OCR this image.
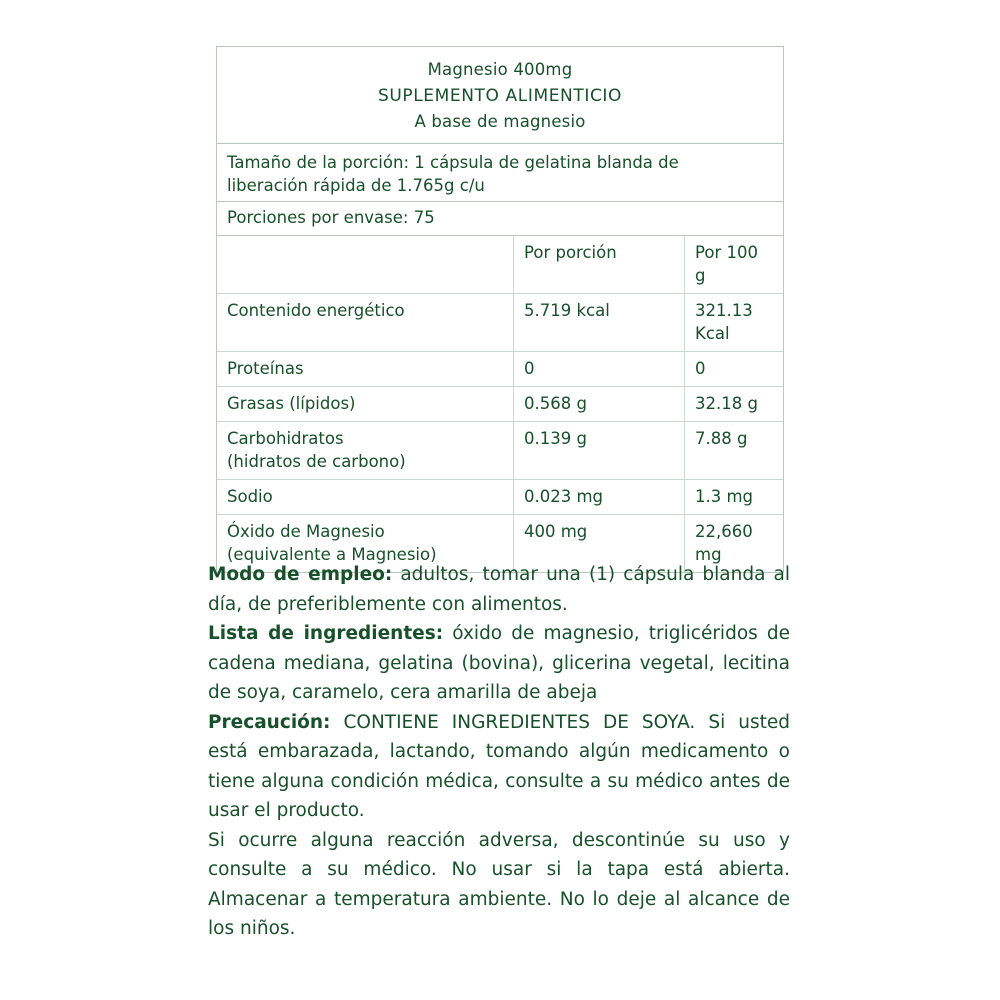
Magnesio 400mg
SUPLEMENTO ALIMENTICIO
A base de magnesio
Tamaño de la porción: 1 cápsula de gelatina blanda de
liberación rápida de 1.765g c/u
Porciones por envase: 75
	Por porción	Por 100 g

Contenido energético	5.719 kcal	321.13 Kcal

Proteínas	0	0

Grasas (lípidos)	0.568 g	32.18 g

Carbohidratos
(hidratos de carbono)	0.139 g	7.88 g

Sodio	0.023 mg	1.3 mg

Óxido de Magnesio
(equivalente a Magnesio)	400 mg	22,660 mg

Modo de empleo: adultos, tomar una (1) cápsula blanda al día, de preferiblemente con alimentos.

Lista de ingredientes: óxido de magnesio, triglicéridos de cadena mediana, gelatina (bovina), glicerina vegetal, lecitina de soya, caramelo, cera amarilla de abeja

Precaución: CONTIENE INGREDIENTES DE SOYA. Si usted está embarazada, lactando, tomando algún medicamento o tiene alguna condición médica, consulte a su médico antes de usar el producto.

Si ocurre alguna reacción adversa, descontinúe su uso y consulte a su médico. No usar si la tapa está abierta. Almacenar a temperatura ambiente. No lo deje al alcance de los niños.
